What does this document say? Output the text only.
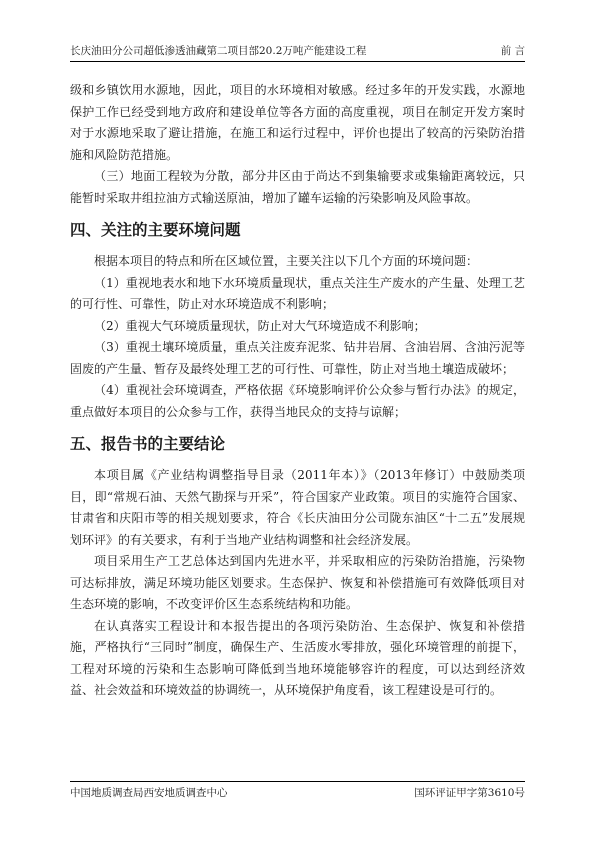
长庆油田分公司超低渗透油藏第二项目部20.2万吨产能建设工程	前 言

级和乡镇饮用水源地，因此，项目的水环境相对敏感。经过多年的开发实践，水源地保护工作已经受到地方政府和建设单位等各方面的高度重视，项目在制定开发方案时对于水源地采取了避让措施，在施工和运行过程中，评价也提出了较高的污染防治措施和风险防范措施。

（三）地面工程较为分散，部分井区由于尚达不到集输要求或集输距离较远，只能暂时采取井组拉油方式输送原油，增加了罐车运输的污染影响及风险事故。

四、关注的主要环境问题

根据本项目的特点和所在区域位置，主要关注以下几个方面的环境问题：

（1）重视地表水和地下水环境质量现状，重点关注生产废水的产生量、处理工艺的可行性、可靠性，防止对水环境造成不利影响；

（2）重视大气环境质量现状，防止对大气环境造成不利影响；

（3）重视土壤环境质量，重点关注废弃泥浆、钻井岩屑、含油岩屑、含油污泥等固废的产生量、暂存及最终处理工艺的可行性、可靠性，防止对当地土壤造成破坏；

（4）重视社会环境调查，严格依据《环境影响评价公众参与暂行办法》的规定，重点做好本项目的公众参与工作，获得当地民众的支持与谅解；

五、报告书的主要结论

本项目属《产业结构调整指导目录（2011年本）》（2013年修订）中鼓励类项目，即“常规石油、天然气勘探与开采”，符合国家产业政策。项目的实施符合国家、甘肃省和庆阳市等的相关规划要求，符合《长庆油田分公司陇东油区“十二五”发展规划环评》的有关要求，有利于当地产业结构调整和社会经济发展。

项目采用生产工艺总体达到国内先进水平，并采取相应的污染防治措施，污染物可达标排放，满足环境功能区划要求。生态保护、恢复和补偿措施可有效降低项目对生态环境的影响，不改变评价区生态系统结构和功能。

在认真落实工程设计和本报告提出的各项污染防治、生态保护、恢复和补偿措施，严格执行“三同时”制度，确保生产、生活废水零排放，强化环境管理的前提下，工程对环境的污染和生态影响可降低到当地环境能够容许的程度，可以达到经济效益、社会效益和环境效益的协调统一，从环境保护角度看，该工程建设是可行的。

中国地质调查局西安地质调查中心	国环评证甲字第3610号
